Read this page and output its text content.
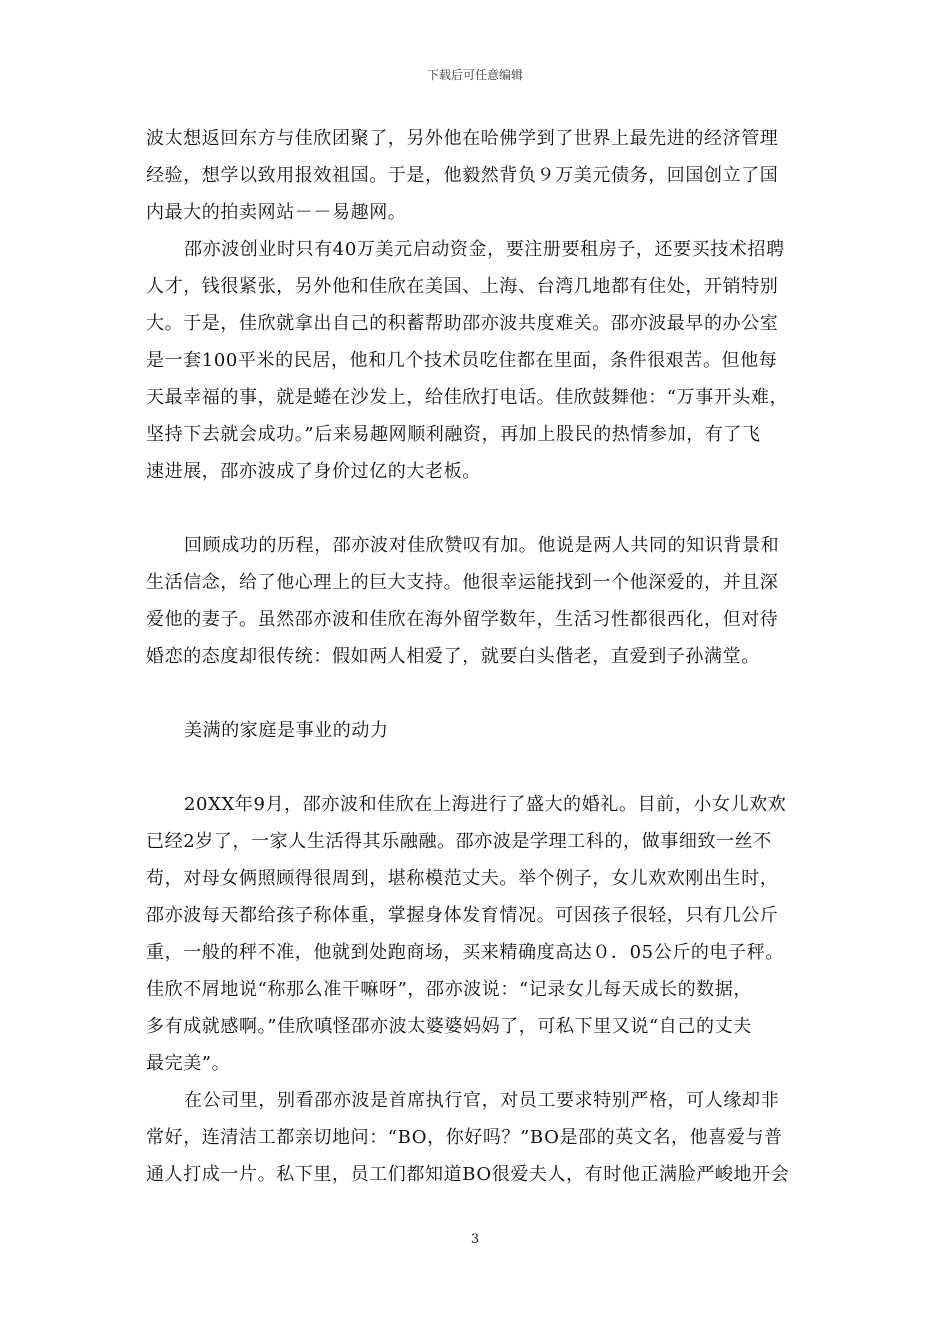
下载后可任意编辑
波太想返回东方与佳欣团聚了，另外他在哈佛学到了世界上最先进的经济管理
经验，想学以致用报效祖国。于是，他毅然背负９万美元债务，回国创立了国
内最大的拍卖网站－－易趣网。
邵亦波创业时只有40万美元启动资金，要注册要租房子，还要买技术招聘
人才，钱很紧张，另外他和佳欣在美国、上海、台湾几地都有住处，开销特别
大。于是，佳欣就拿出自己的积蓄帮助邵亦波共度难关。邵亦波最早的办公室
是一套100平米的民居，他和几个技术员吃住都在里面，条件很艰苦。但他每
天最幸福的事，就是蜷在沙发上，给佳欣打电话。佳欣鼓舞他：“万事开头难，
坚持下去就会成功。”后来易趣网顺利融资，再加上股民的热情参加，有了飞
速进展，邵亦波成了身价过亿的大老板。
回顾成功的历程，邵亦波对佳欣赞叹有加。他说是两人共同的知识背景和
生活信念，给了他心理上的巨大支持。他很幸运能找到一个他深爱的，并且深
爱他的妻子。虽然邵亦波和佳欣在海外留学数年，生活习性都很西化，但对待
婚恋的态度却很传统：假如两人相爱了，就要白头偕老，直爱到子孙满堂。
美满的家庭是事业的动力
20XX年9月，邵亦波和佳欣在上海进行了盛大的婚礼。目前，小女儿欢欢
已经2岁了，一家人生活得其乐融融。邵亦波是学理工科的，做事细致一丝不
苟，对母女俩照顾得很周到，堪称模范丈夫。举个例子，女儿欢欢刚出生时，
邵亦波每天都给孩子称体重，掌握身体发育情况。可因孩子很轻，只有几公斤
重，一般的秤不准，他就到处跑商场，买来精确度高达０．05公斤的电子秤。
佳欣不屑地说“称那么准干嘛呀”，邵亦波说：“记录女儿每天成长的数据，
多有成就感啊。”佳欣嗔怪邵亦波太婆婆妈妈了，可私下里又说“自己的丈夫
最完美”。
在公司里，别看邵亦波是首席执行官，对员工要求特别严格，可人缘却非
常好，连清洁工都亲切地问：“BO，你好吗？”BO是邵的英文名，他喜爱与普
通人打成一片。私下里，员工们都知道BO很爱夫人，有时他正满脸严峻地开会
3
